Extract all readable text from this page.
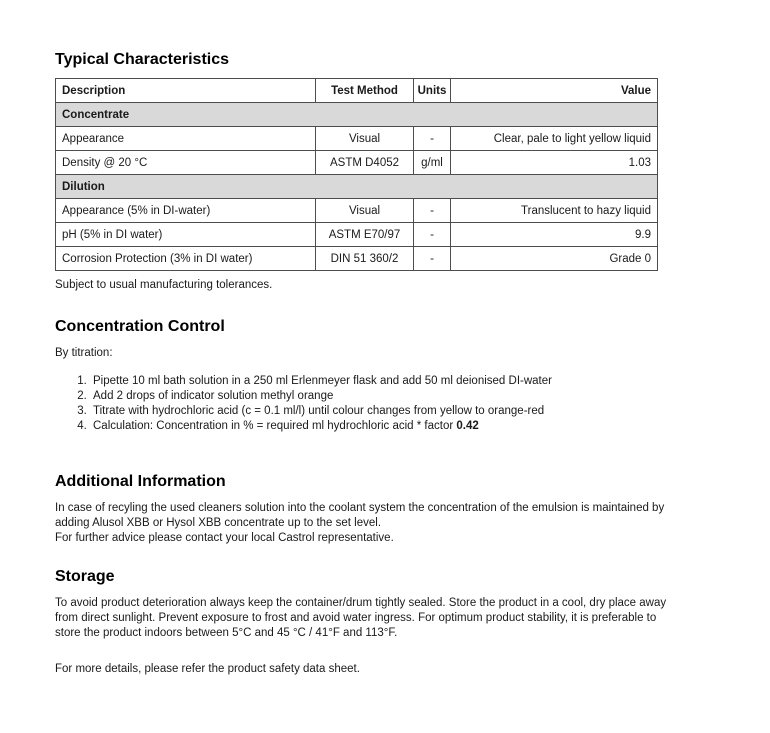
Typical Characteristics
Description	Test Method	Units	Value
Concentrate			
Appearance	Visual	-	Clear, pale to light yellow liquid
Density @ 20 °C	ASTM D4052	g/ml	1.03
Dilution			
Appearance (5% in DI-water)	Visual	-	Translucent to hazy liquid
pH (5% in DI water)	ASTM E70/97	-	9.9
Corrosion Protection (3% in DI water)	DIN 51 360/2	-	Grade 0
Subject to usual manufacturing tolerances.
Concentration Control
By titration:
1. Pipette 10 ml bath solution in a 250 ml Erlenmeyer flask and add 50 ml deionised DI-water
2. Add 2 drops of indicator solution methyl orange
3. Titrate with hydrochloric acid (c = 0.1 ml/l) until colour changes from yellow to orange-red
4. Calculation: Concentration in % = required ml hydrochloric acid * factor 0.42
Additional Information
In case of recyling the used cleaners solution into the coolant system the concentration of the emulsion is maintained by
adding Alusol XBB or Hysol XBB concentrate up to the set level.
For further advice please contact your local Castrol representative.
Storage
To avoid product deterioration always keep the container/drum tightly sealed. Store the product in a cool, dry place away
from direct sunlight. Prevent exposure to frost and avoid water ingress. For optimum product stability, it is preferable to
store the product indoors between 5°C and 45 °C / 41°F and 113°F.
For more details, please refer the product safety data sheet.
